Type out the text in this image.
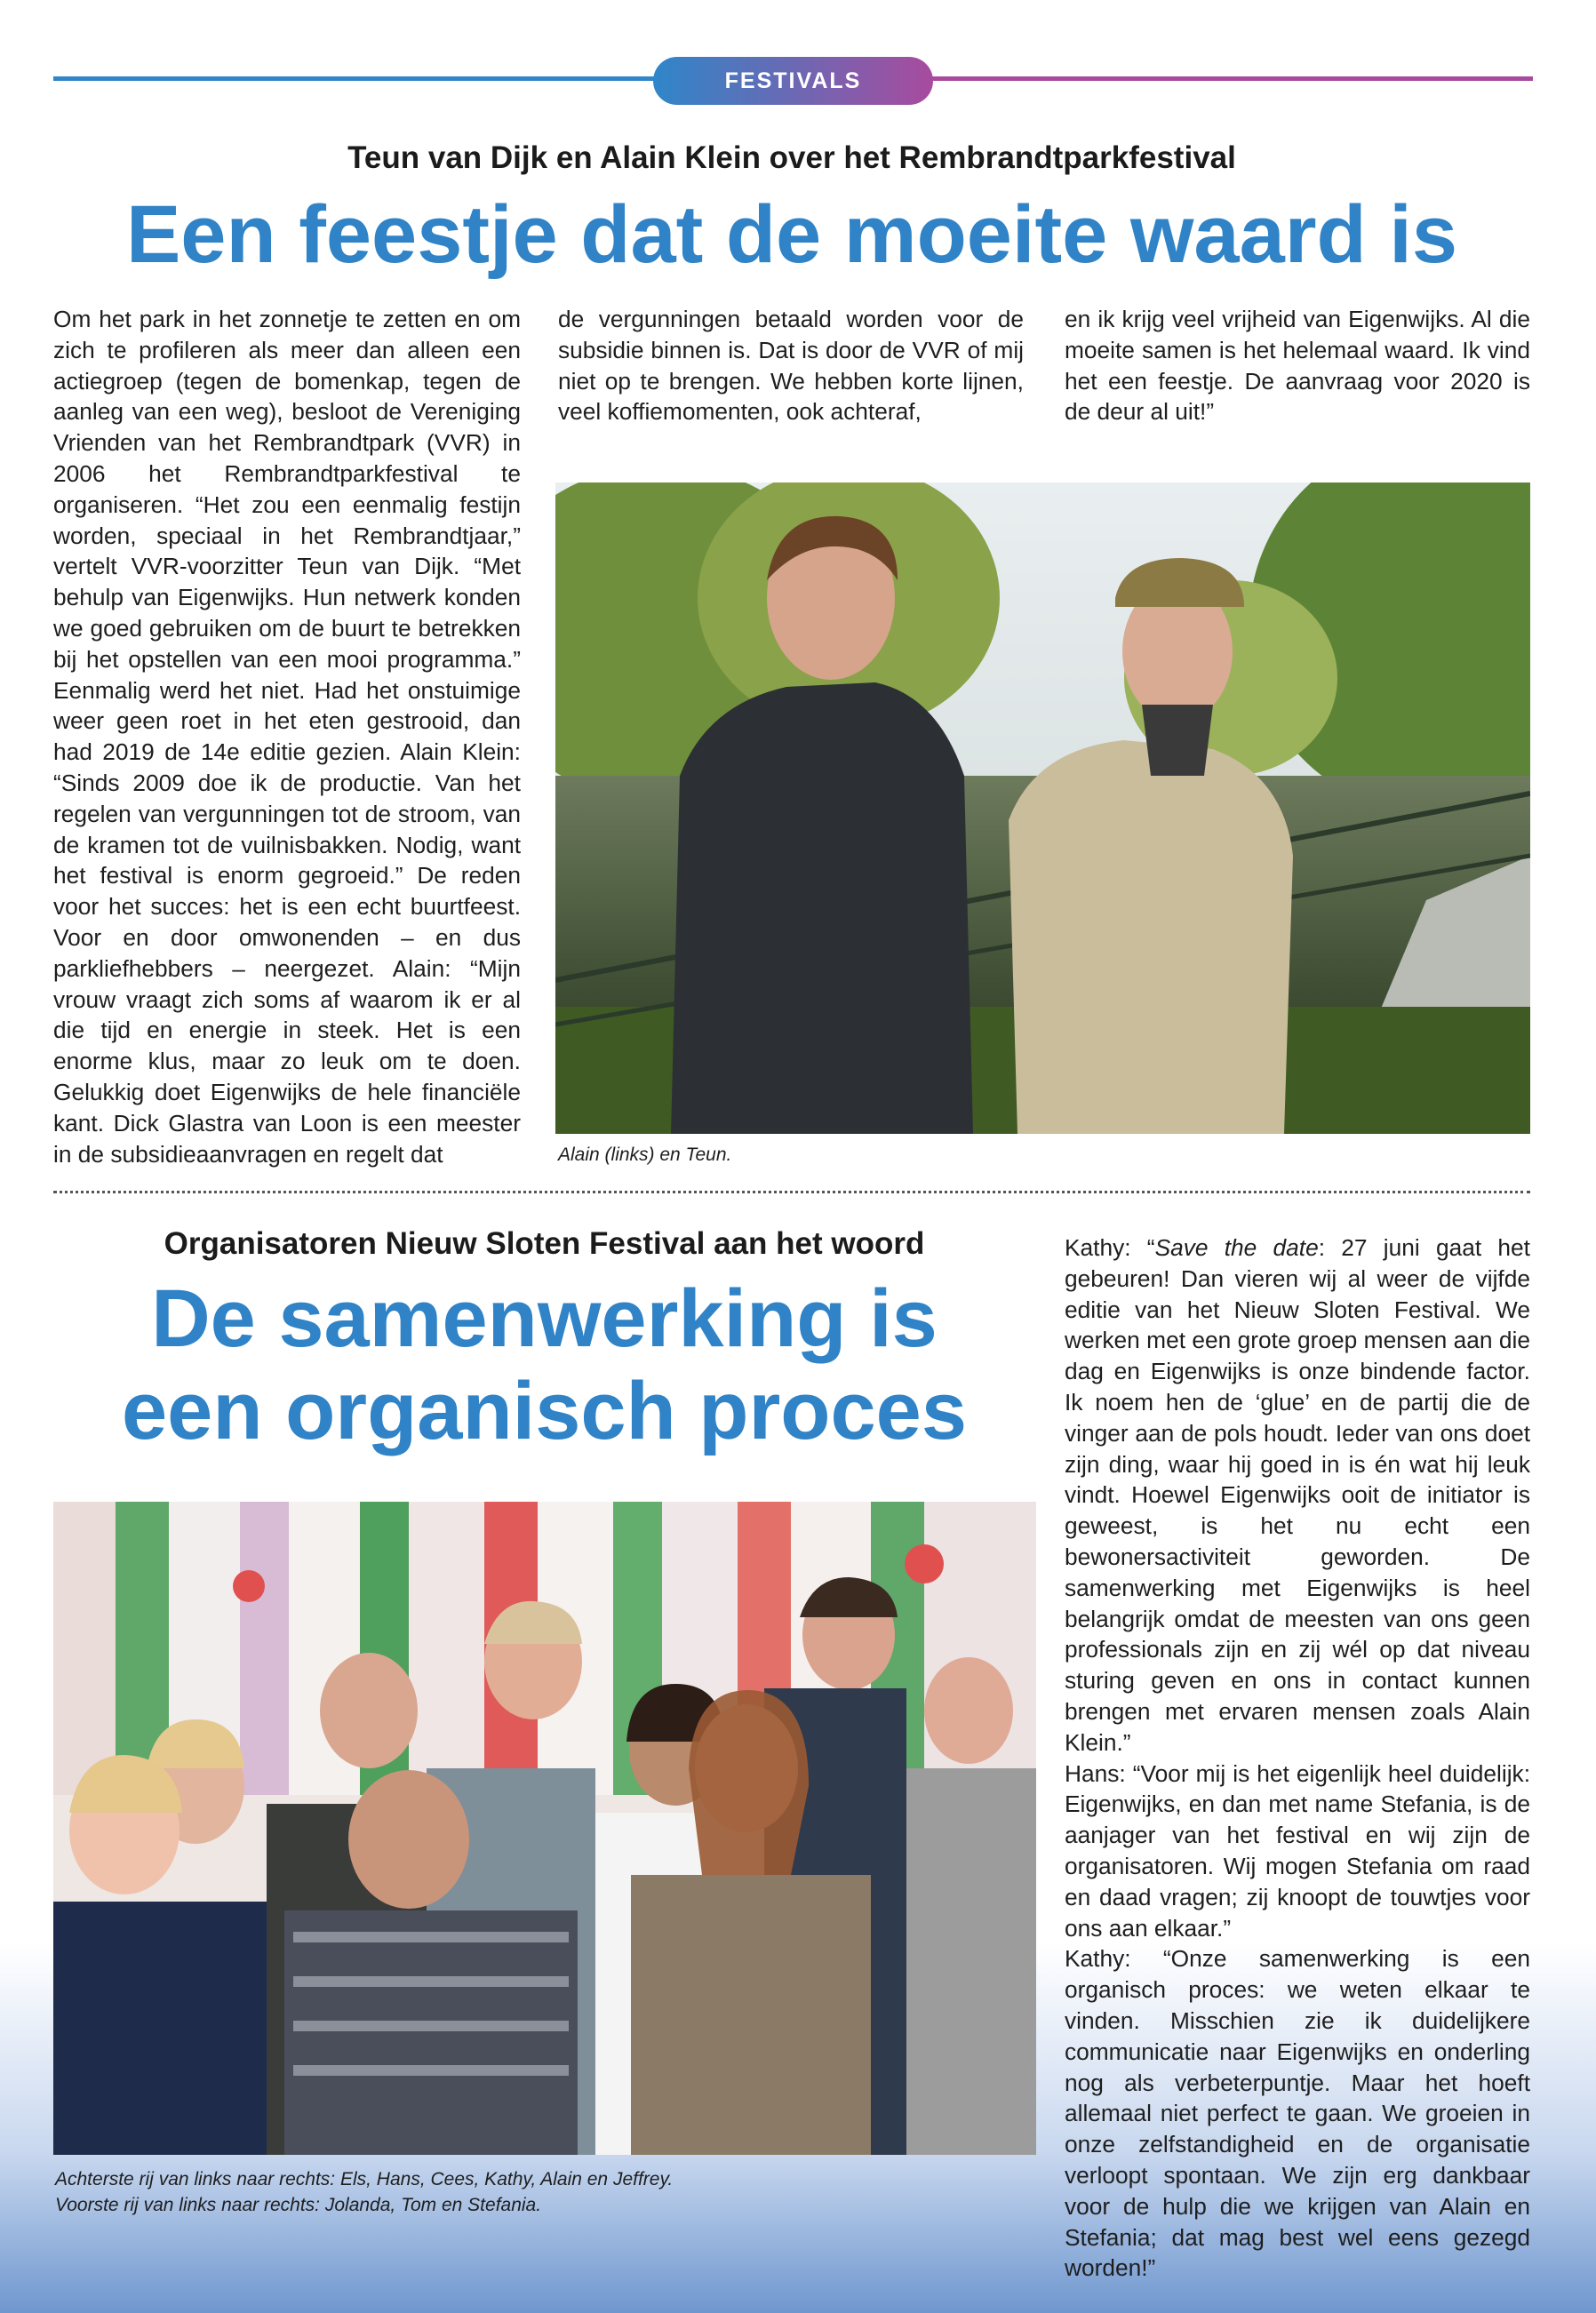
FESTIVALS
Teun van Dijk en Alain Klein over het Rembrandtparkfestival
Een feestje dat de moeite waard is
Om het park in het zonnetje te zetten en om zich te profileren als meer dan alleen een actiegroep (tegen de bomenkap, tegen de aanleg van een weg), besloot de Vereniging Vrienden van het Rembrandtpark (VVR) in 2006 het Rembrandtparkfestival te organiseren. “Het zou een eenmalig festijn worden, speciaal in het Rembrandtjaar,” vertelt VVR-voorzitter Teun van Dijk. “Met behulp van Eigenwijks. Hun netwerk konden we goed gebruiken om de buurt te betrekken bij het opstellen van een mooi programma.” Eenmalig werd het niet. Had het onstuimige weer geen roet in het eten gestrooid, dan had 2019 de 14e editie gezien. Alain Klein: “Sinds 2009 doe ik de productie. Van het regelen van vergunningen tot de stroom, van de kramen tot de vuilnisbakken. Nodig, want het festival is enorm gegroeid.” De reden voor het succes: het is een echt buurtfeest. Voor en door omwonenden – en dus parkliefhebbers – neergezet. Alain: “Mijn vrouw vraagt zich soms af waarom ik er al die tijd en energie in steek. Het is een enorme klus, maar zo leuk om te doen. Gelukkig doet Eigenwijks de hele financiële kant. Dick Glastra van Loon is een meester in de subsidieaanvragen en regelt dat
de vergunningen betaald worden voor de subsidie binnen is. Dat is door de VVR of mij niet op te brengen. We hebben korte lijnen, veel koffiemomenten, ook achteraf,
en ik krijg veel vrijheid van Eigenwijks. Al die moeite samen is het helemaal waard. Ik vind het een feestje. De aanvraag voor 2020 is de deur al uit!”
Alain (links) en Teun.
Organisatoren Nieuw Sloten Festival aan het woord
De samenwerking is
een organisch proces
Achterste rij van links naar rechts: Els, Hans, Cees, Kathy, Alain en Jeffrey.
Voorste rij van links naar rechts: Jolanda, Tom en Stefania.

Kathy: “Save the date: 27 juni gaat het gebeuren! Dan vieren wij al weer de vijfde editie van het Nieuw Sloten Festival. We werken met een grote groep mensen aan die dag en Eigenwijks is onze bindende factor. Ik noem hen de ‘glue’ en de partij die de vinger aan de pols houdt. Ieder van ons doet zijn ding, waar hij goed in is én wat hij leuk vindt. Hoewel Eigenwijks ooit de initiator is geweest, is het nu echt een bewonersactiviteit geworden. De samenwerking met Eigenwijks is heel belangrijk omdat de meesten van ons geen professionals zijn en zij wél op dat niveau sturing geven en ons in contact kunnen brengen met ervaren mensen zoals Alain Klein.”

Hans: “Voor mij is het eigenlijk heel duidelijk: Eigenwijks, en dan met name Stefania, is de aanjager van het festival en wij zijn de organisatoren. Wij mogen Stefania om raad en daad vragen; zij knoopt de touwtjes voor ons aan elkaar.”

Kathy: “Onze samenwerking is een organisch proces: we weten elkaar te vinden. Misschien zie ik duidelijkere communicatie naar Eigenwijks en onderling nog als verbeterpuntje. Maar het hoeft allemaal niet perfect te gaan. We groeien in onze zelfstandigheid en de organisatie verloopt spontaan. We zijn erg dankbaar voor de hulp die we krijgen van Alain en Stefania; dat mag best wel eens gezegd worden!”
